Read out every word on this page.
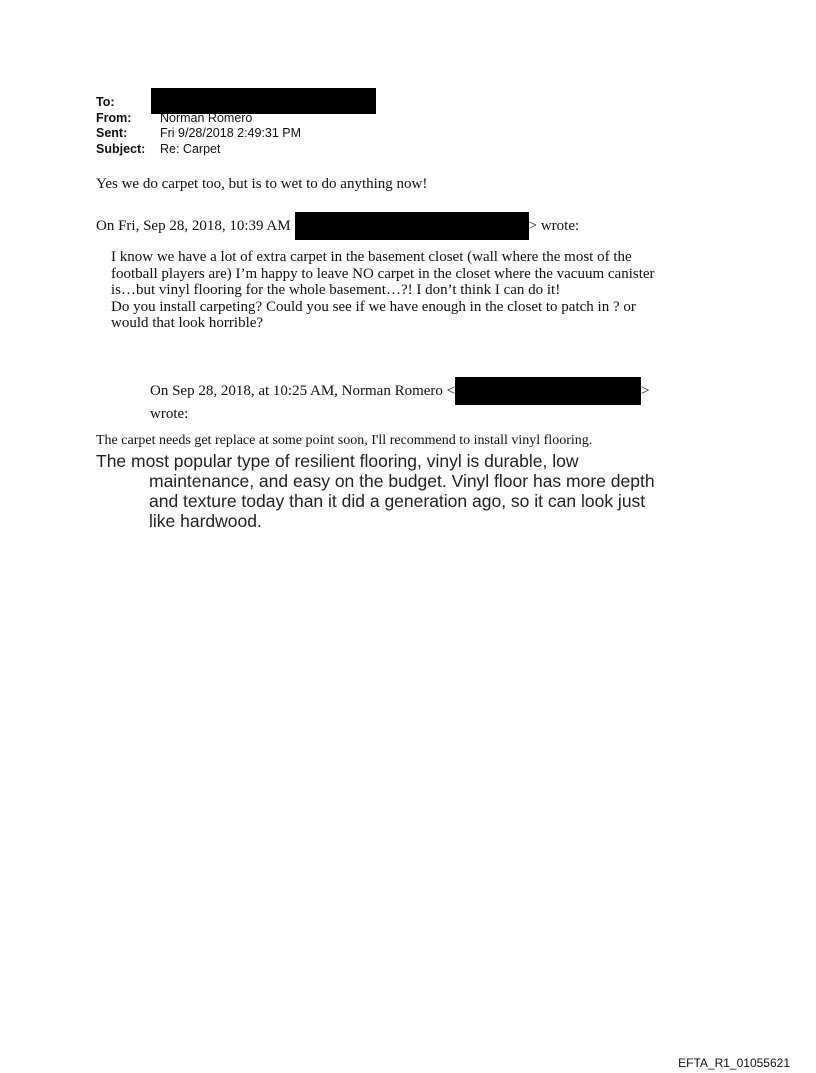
To:
From:	Norman Romero
Sent:	Fri 9/28/2018 2:49:31 PM
Subject:	Re: Carpet
Yes we do carpet too, but is to wet to do anything now!
On Fri, Sep 28, 2018, 10:39 AM	> wrote:
I know we have a lot of extra carpet in the basement closet (wall where the most of the
football players are) I’m happy to leave NO carpet in the closet where the vacuum canister
is…but vinyl flooring for the whole basement…?! I don’t think I can do it!
Do you install carpeting? Could you see if we have enough in the closet to patch in ? or
would that look horrible?
On Sep 28, 2018, at 10:25 AM, Norman Romero <	>
wrote:
The carpet needs get replace at some point soon, I'll recommend to install vinyl flooring.
The most popular type of resilient flooring, vinyl is durable, low
maintenance, and easy on the budget. Vinyl floor has more depth
and texture today than it did a generation ago, so it can look just
like hardwood.
EFTA_R1_01055621
